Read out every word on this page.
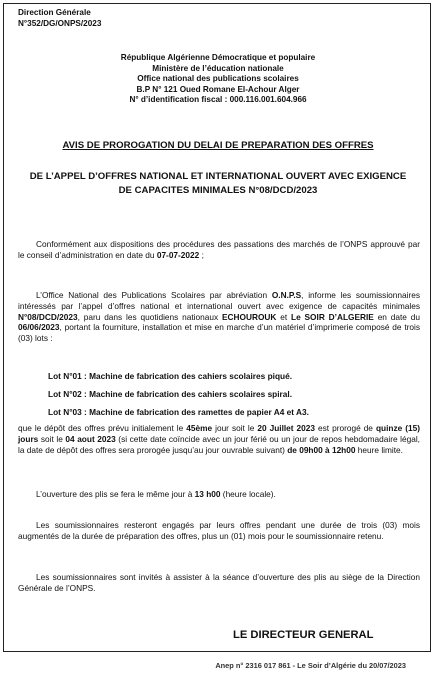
Direction Générale
N°352/DG/ONPS/2023
République Algérienne Démocratique et populaire
Ministère de l’éducation nationale
Office national des publications scolaires
B.P N° 121 Oued Romane El-Achour Alger
N° d’identification fiscal : 000.116.001.604.966
AVIS DE PROROGATION DU DELAI DE PREPARATION DES OFFRES
DE L’APPEL D’OFFRES NATIONAL ET INTERNATIONAL OUVERT AVEC EXIGENCE
DE CAPACITES MINIMALES N°08/DCD/2023

Conformément aux dispositions des procédures des passations des marchés de l’ONPS approuvé par le conseil d’administration en date du 07-07-2022 ;

L’Office National des Publications Scolaires par abréviation O.N.P.S, informe les soumissionnaires intéressés par l’appel d’offres national et international ouvert avec exigence de capacités minimales N°08/DCD/2023, paru dans les quotidiens nationaux ECHOUROUK et Le SOIR D’ALGERIE en date du 06/06/2023, portant la fourniture, installation et mise en marche d’un matériel d’imprimerie composé de trois (03) lots :

Lot N°01 : Machine de fabrication des cahiers scolaires piqué.
Lot N°02 : Machine de fabrication des cahiers scolaires spiral.
Lot N°03 : Machine de fabrication des ramettes de papier A4 et A3.

que le dépôt des offres prévu initialement le 45ème jour soit le 20 Juillet 2023 est prorogé de quinze (15) jours soit le 04 aout 2023 (si cette date coïncide avec un jour férié ou un jour de repos hebdomadaire légal, la date de dépôt des offres sera prorogée jusqu’au jour ouvrable suivant) de 09h00 à 12h00 heure limite.

L’ouverture des plis se fera le même jour à 13 h00 (heure locale).

Les soumissionnaires resteront engagés par leurs offres pendant une durée de trois (03) mois augmentés de la durée de préparation des offres, plus un (01) mois pour le soumissionnaire retenu.

Les soumissionnaires sont invités à assister à la séance d’ouverture des plis au siège de la Direction Générale de l’ONPS.

LE DIRECTEUR GENERAL
Anep n° 2316 017 861 - Le Soir d’Algérie du 20/07/2023
